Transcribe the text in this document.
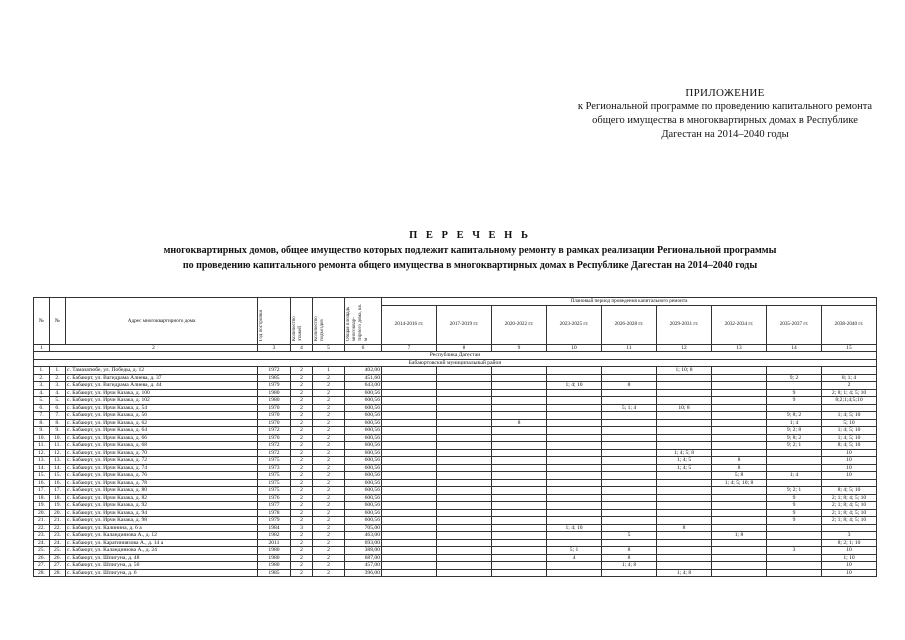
ПРИЛОЖЕНИЕ
к Региональной программе по проведению капитального ремонта
общего имущества в многоквартирных домах в Республике
Дагестан на 2014–2040 годы
П Е Р Е Ч Е Н Ь
многоквартирных домов, общее имущество которых подлежит капитальному ремонту в рамках реализации Региональной программы
по проведению капитального ремонта общего имущества в многоквартирных домах в Республике Дагестан на 2014–2040 годы
№	№	Адрес многоквартирного дома	Год постройки	Количество этажей	Количество подъездов	Общая площадь многоквар-тирного дома, кв. м	Плановый период проведения капитального ремонта								
							2014-2016 гг.	2017-2019 гг.	2020-2022 гг.	2023-2025 гг.	2026-2028 гг.	2029-2031 гг.	2032-2034 гг.	2035-2037 гг.	2038-2040 гг.
1	2		3	4	5	6	7	8	9	10	11	12	13	14	15
Республика Дагестан															
Бабаюртовский муниципальный район															
1.	1.	с. Тамазатюбе, ул. Победы, д. 12	1972	2	1	402,00						1; 10; 8			
2.	2.	с. Бабаюрт, ул. Вагидрама Алиева, д. 37	1985	2	2	451,60								9; 2	8; 1; 4
3.	3.	с. Бабаюрт, ул. Вагидрама Алиева, д. 44	1979	2	2	643,00				1; 4; 10	8				2
4.	4.	с. Бабаюрт, ул. Ирчи Казака, д. 100	1980	2	2	600,56								9	2; 8; 1; 4; 5; 10
5.	5.	с. Бабаюрт, ул. Ирчи Казака, д. 102	1980	2	2	600,56								9	8;2;1;4;5;10
6.	6.	с. Бабаюрт, ул. Ирчи Казака, д. 54	1970	2	2	600,56					5; 1; 4	10; 8			
7.	7.	с. Бабаюрт, ул. Ирчи Казака, д. 56	1970	2	2	600,56								9; 8; 2	1; 4; 5; 10
8.	8.	с. Бабаюрт, ул. Ирчи Казака, д. 62	1970	2	2	600,56			8					1; 4	5; 10
9.	9.	с. Бабаюрт, ул. Ирчи Казака, д. 64	1972	2	2	600,56								9; 2; 8	1; 4; 5; 10
10.	10.	с. Бабаюрт, ул. Ирчи Казака, д. 66	1970	2	2	600,56								9; 8; 2	1; 4; 5; 10
11.	11.	с. Бабаюрт, ул. Ирчи Казака, д. 68	1972	2	2	600,56								9; 2; 1	8; 4; 5; 10
12.	12.	с. Бабаюрт, ул. Ирчи Казака, д. 70	1972	2	2	600,56						1; 4; 5; 8			10
13.	13.	с. Бабаюрт, ул. Ирчи Казака, д. 72	1975	2	2	600,56						1; 4; 5	8		10
14.	14.	с. Бабаюрт, ул. Ирчи Казака, д. 74	1973	2	2	600,56						1; 4; 5	8		10
15.	15.	с. Бабаюрт, ул. Ирчи Казака, д. 76	1975	2	2	600,56							5; 8	1; 4	10
16.	16.	с. Бабаюрт, ул. Ирчи Казака, д. 78	1975	2	2	600,56							1; 4; 5; 10; 8		
17.	17.	с. Бабаюрт, ул. Ирчи Казака, д. 80	1975	2	2	600,56								9; 2; 1	8; 4; 5; 10
18.	18.	с. Бабаюрт, ул. Ирчи Казака, д. 82	1976	2	2	600,56								9	2; 1; 8; 4; 5; 10
19.	19.	с. Бабаюрт, ул. Ирчи Казака, д. 92	1977	2	2	600,56								9	2; 1; 8; 4; 5; 10
20.	20.	с. Бабаюрт, ул. Ирчи Казака, д. 94	1978	2	2	600,56								9	2; 1; 8; 4; 5; 10
21.	21.	с. Бабаюрт, ул. Ирчи Казака, д. 98	1979	2	2	600,56								9	2; 1; 8; 4; 5; 10
22.	22.	с. Бабаюрт, ул. Калинина, д. 6 а	1984	3	2	705,00				1; 4; 10		8			
23.	23.	с. Бабаюрт, ул. Каландиязова А., д. 12	1982	2	2	463,00					5		1; 8		3
24.	24.	с. Бабаюрт, ул. Каратиниязова А., д. 14 а	2011	2	2	693,00									8; 2; 1; 10
25.	25.	с. Бабаюрт, ул. Каландиязова А., д. 24	1980	2	2	388,00				5; 1	8			3	10
26.	26.	с. Бабаюрт, ул. Шпигуна, д. 48	1980	2	2	687,00				4	8				1; 10
27.	27.	с. Бабаюрт, ул. Шпигуна, д. 50	1980	2	2	457,00					1; 4; 8				10
28.	28.	с. Бабаюрт, ул. Шпигуна, д. 6	1985	2	2	396,00						1; 4; 8			10
